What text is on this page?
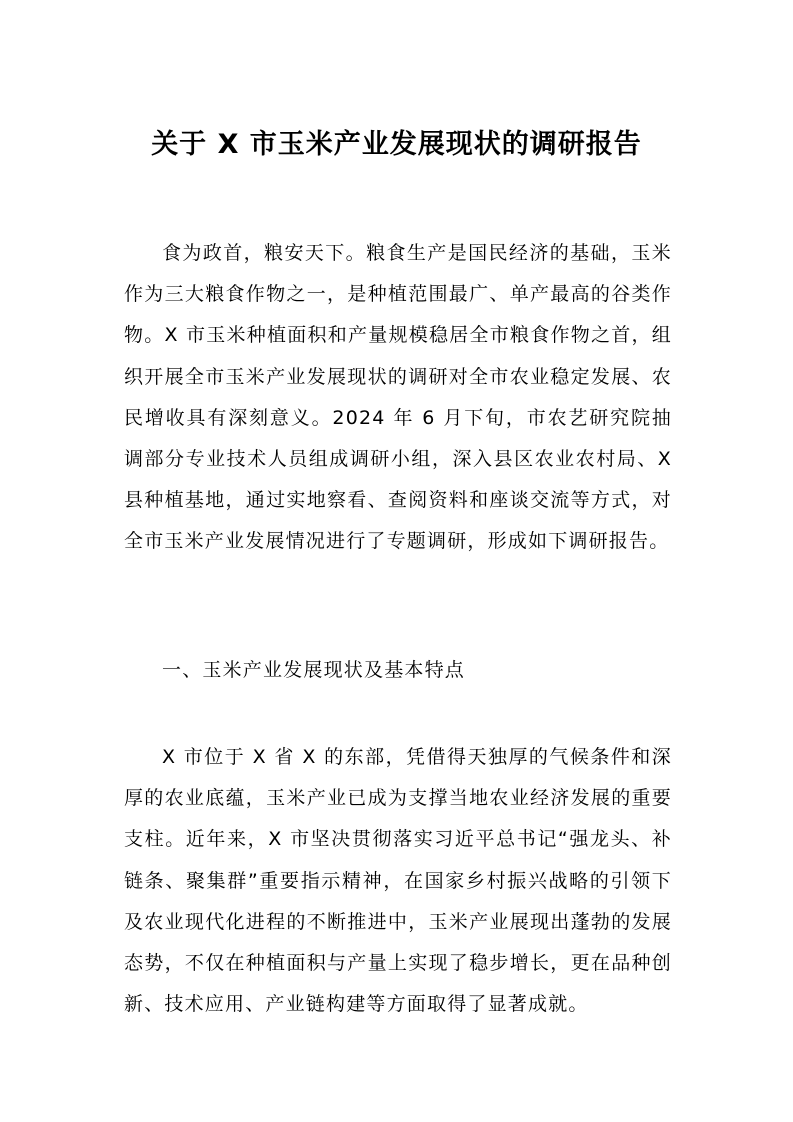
关于 X 市玉米产业发展现状的调研报告

食为政首，粮安天下。粮食生产是国民经济的基础，玉米作为三大粮食作物之一，是种植范围最广、单产最高的谷类作物。X 市玉米种植面积和产量规模稳居全市粮食作物之首，组织开展全市玉米产业发展现状的调研对全市农业稳定发展、农民增收具有深刻意义。2024 年 6 月下旬，市农艺研究院抽调部分专业技术人员组成调研小组，深入县区农业农村局、X 县种植基地，通过实地察看、查阅资料和座谈交流等方式，对全市玉米产业发展情况进行了专题调研，形成如下调研报告。

一、玉米产业发展现状及基本特点

X 市位于 X 省 X 的东部，凭借得天独厚的气候条件和深厚的农业底蕴，玉米产业已成为支撑当地农业经济发展的重要支柱。近年来，X 市坚决贯彻落实习近平总书记“强龙头、补链条、聚集群”重要指示精神，在国家乡村振兴战略的引领下及农业现代化进程的不断推进中，玉米产业展现出蓬勃的发展态势，不仅在种植面积与产量上实现了稳步增长，更在品种创新、技术应用、产业链构建等方面取得了显著成就。
